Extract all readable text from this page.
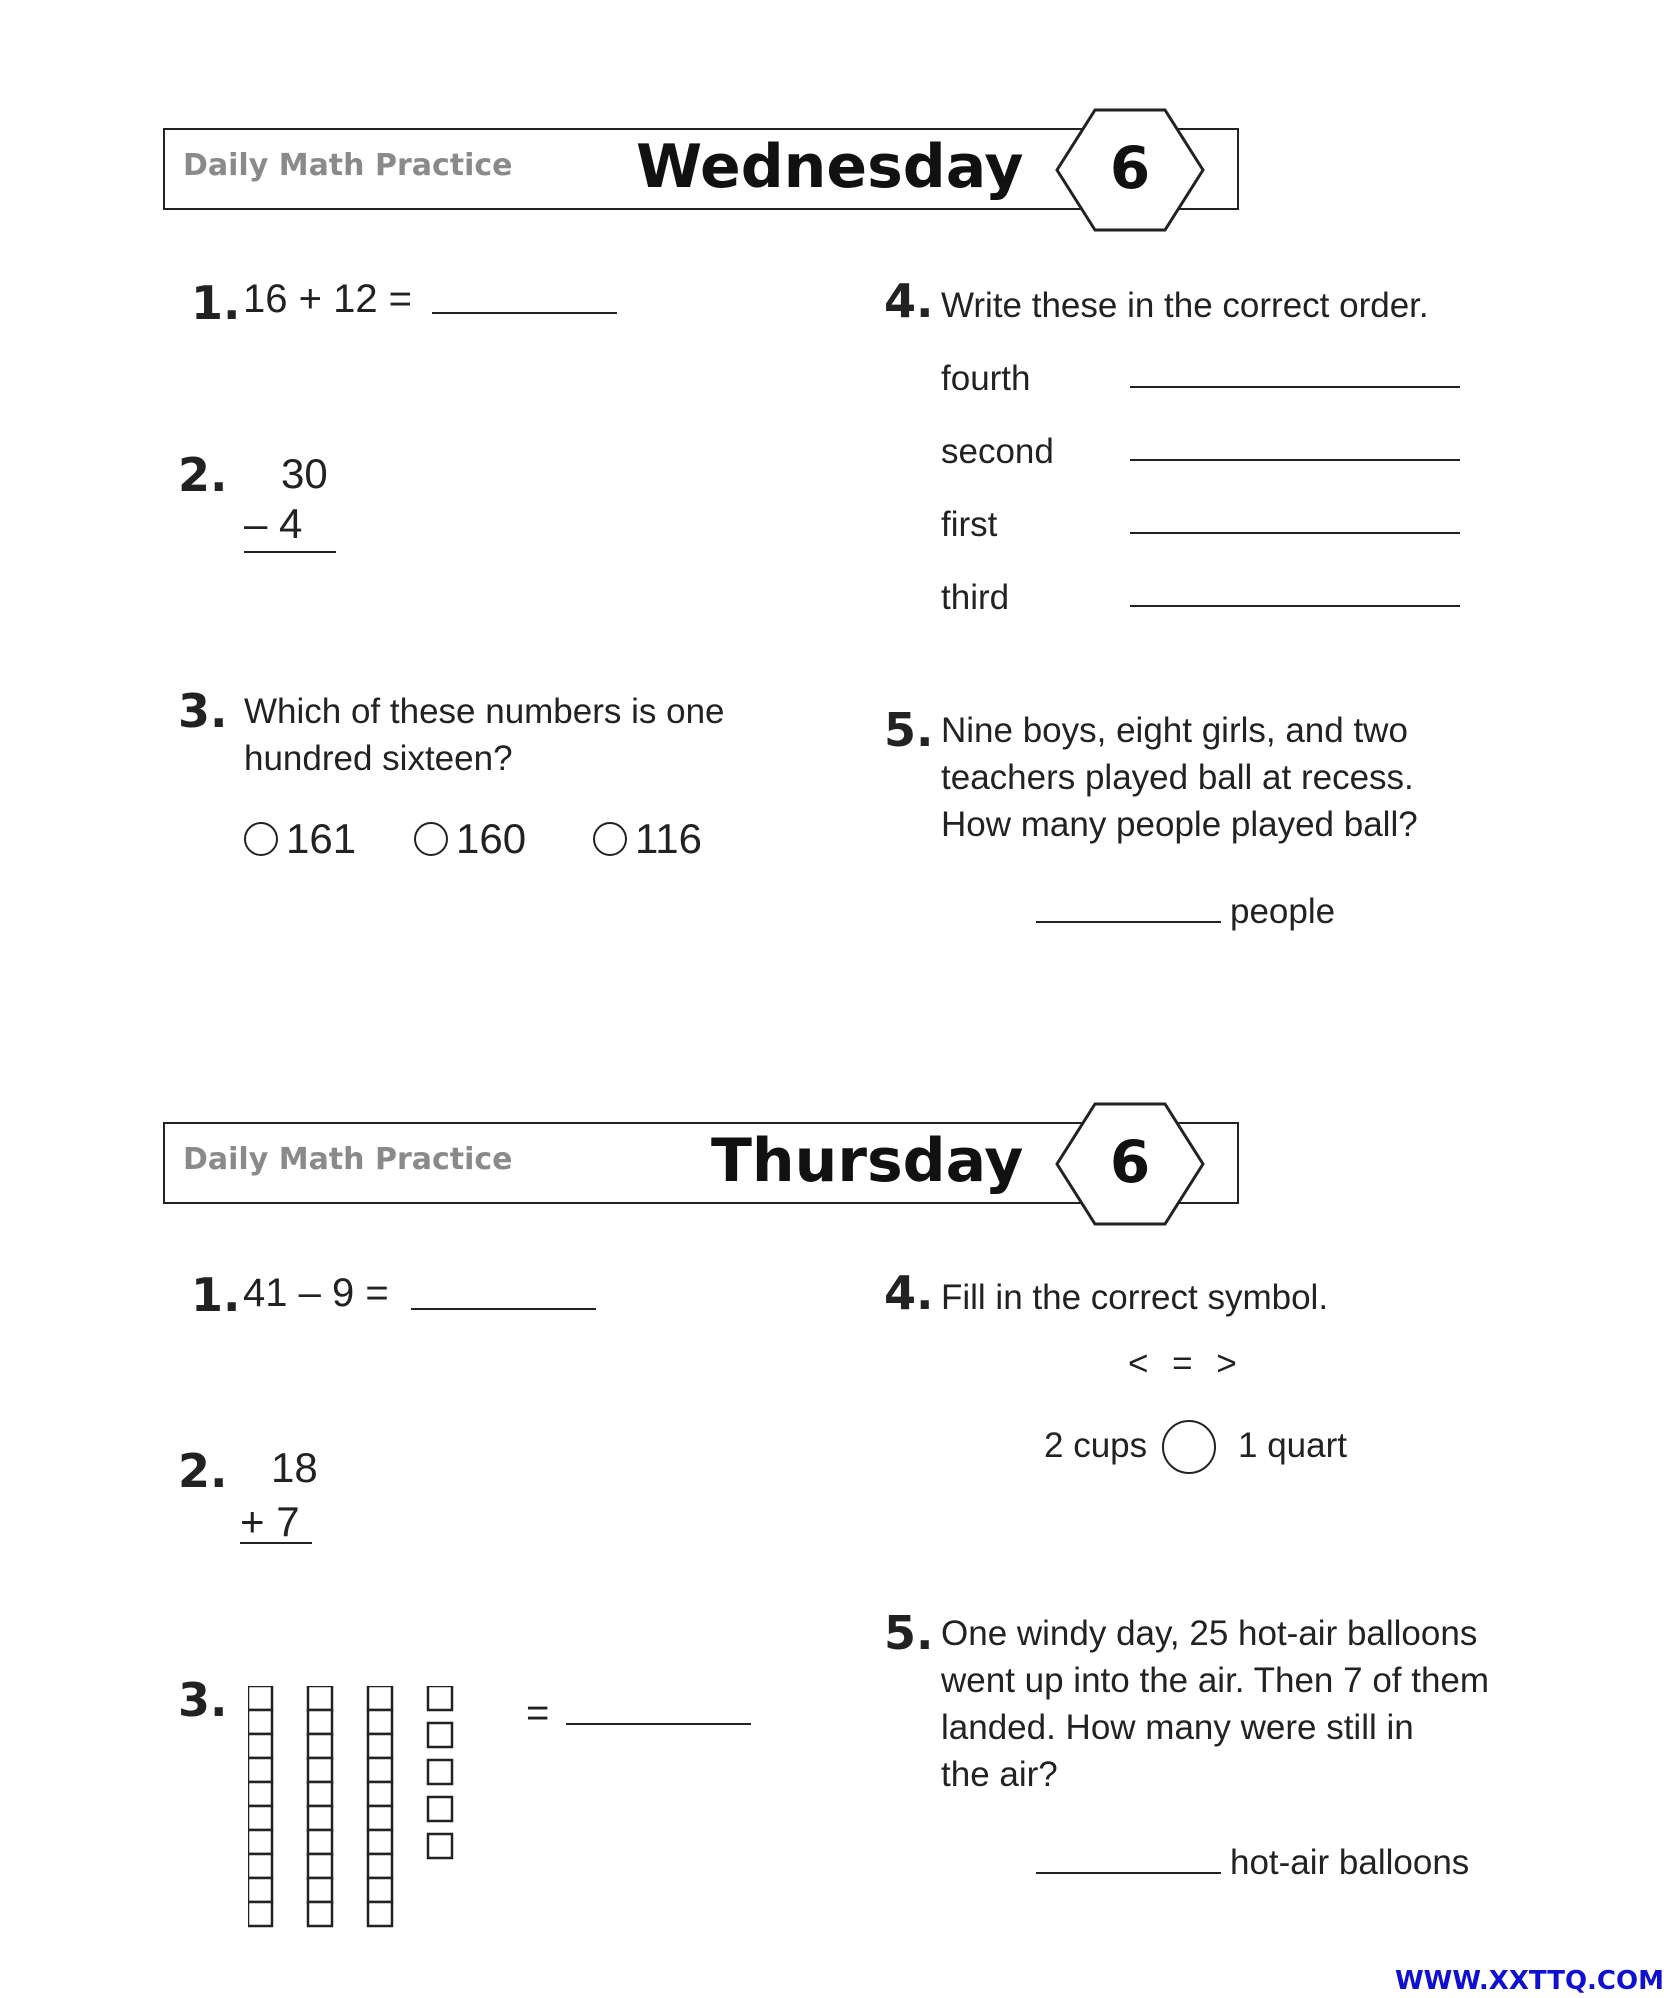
Daily Math Practice Wednesday	6
1. 16 + 12 =
2. 30
– 4
3. Which of these numbers is one
hundred sixteen?
161	160	116
4. Write these in the correct order.
fourth
second
first
third
5. Nine boys, eight girls, and two
teachers played ball at recess.
How many people played ball?
people
Daily Math Practice	Thursday	6
1. 41 – 9 =
2. 18
+ 7
3.	=
4. Fill in the correct symbol.
< = >
2 cups	1 quart
5. One windy day, 25 hot-air balloons
went up into the air. Then 7 of them
landed. How many were still in
the air?
hot-air balloons
WWW.XXTTQ.COM
